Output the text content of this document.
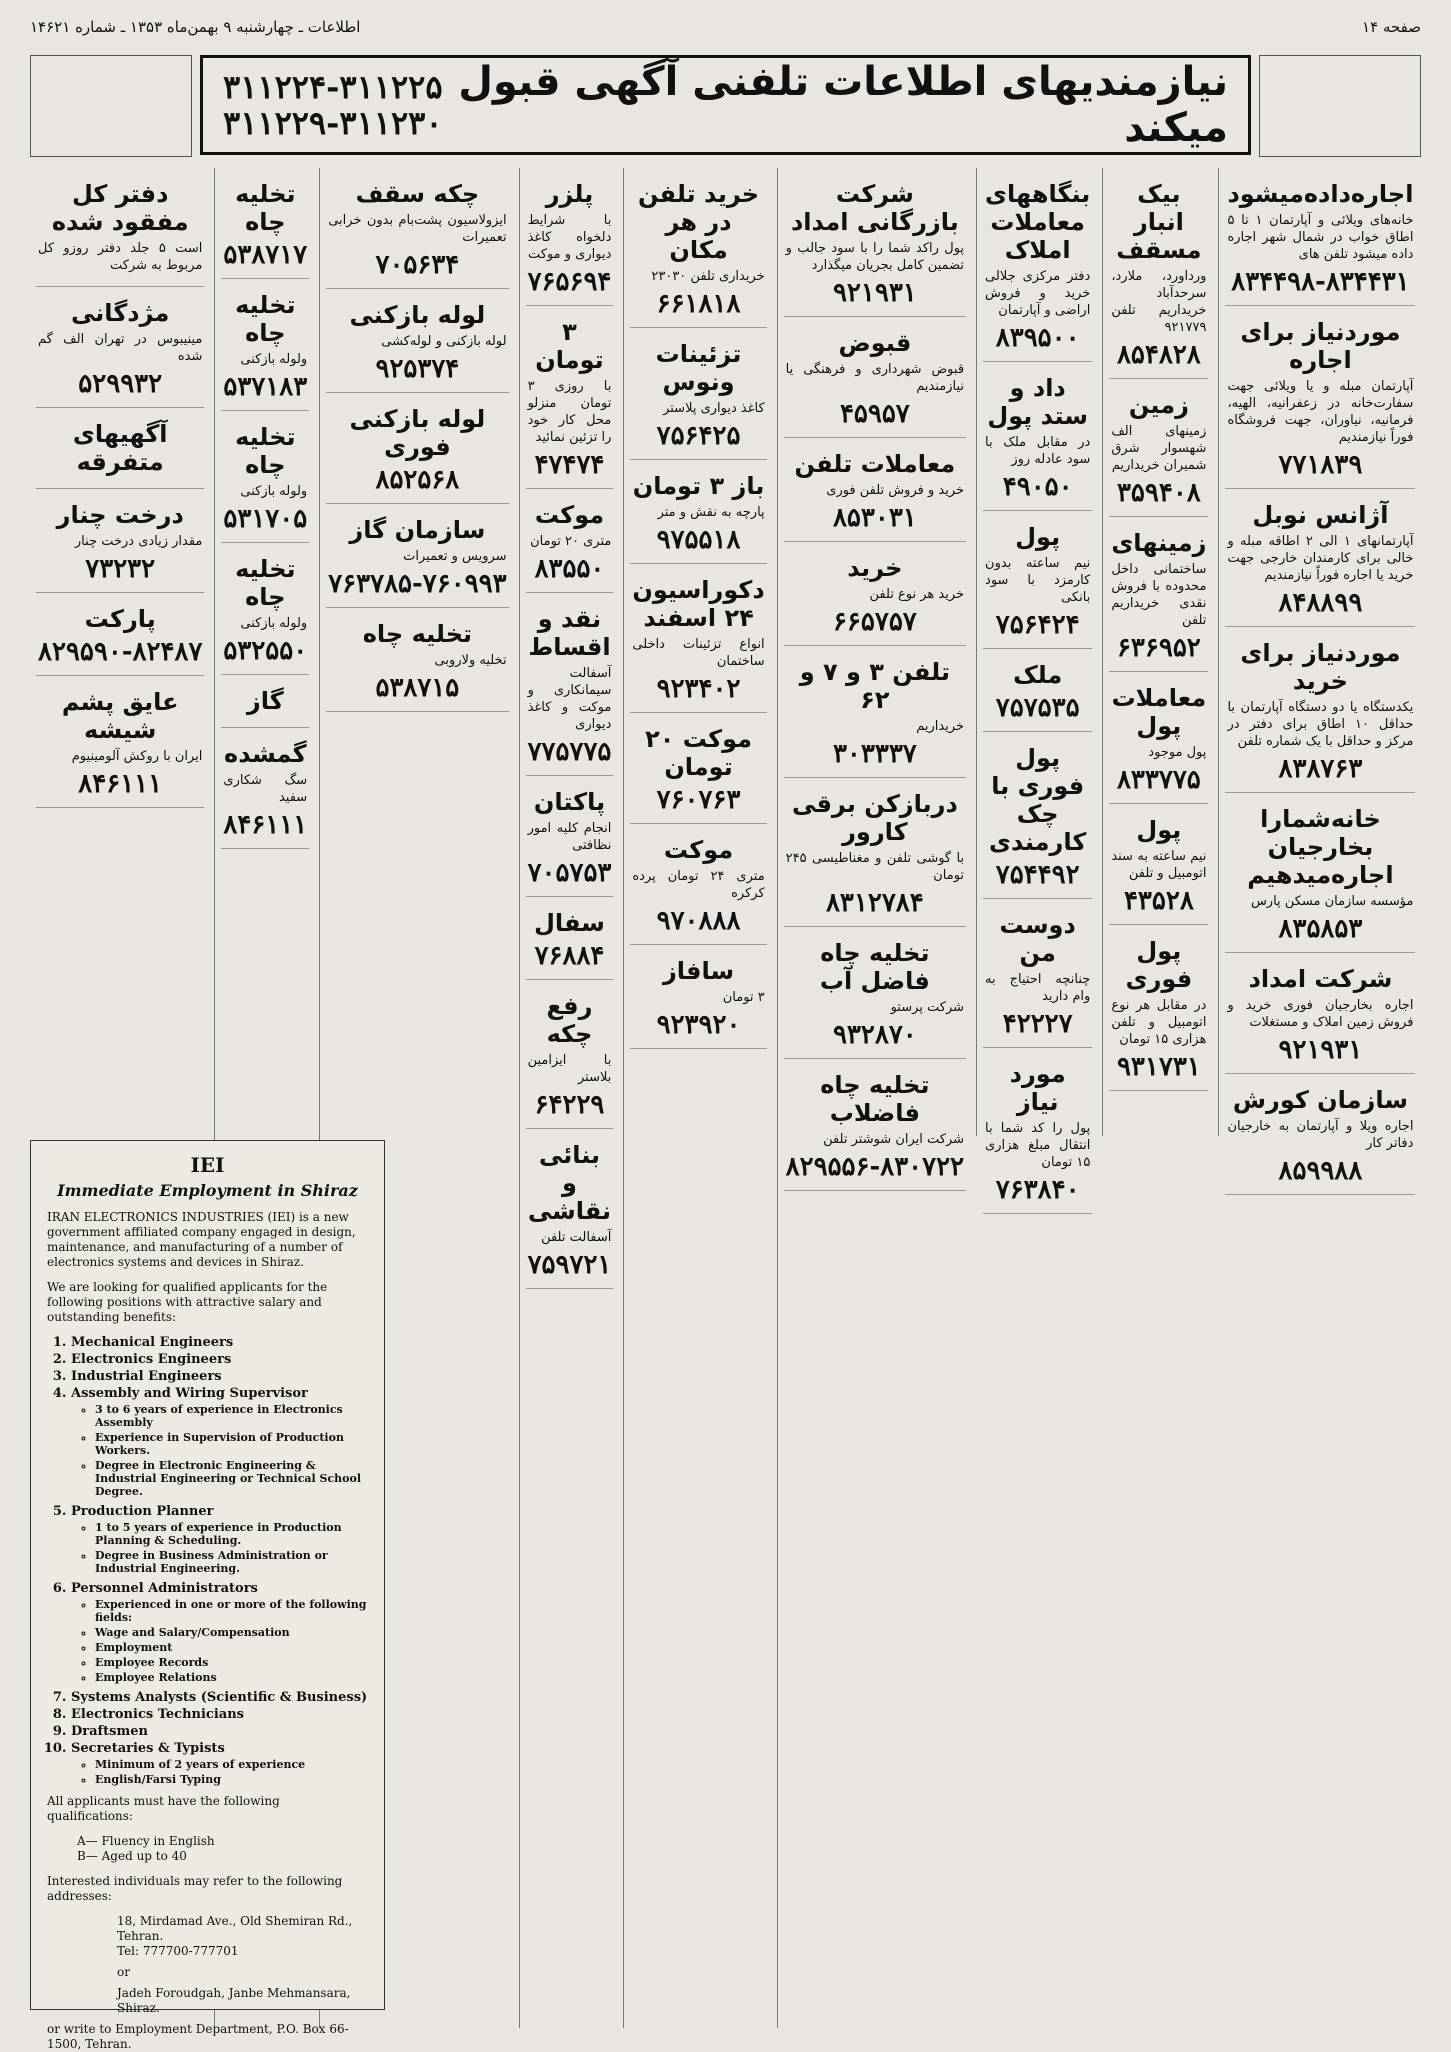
اطلاعات ـ چهارشنبه ۹ بهمن‌ماه ۱۳۵۳ ـ شماره ۱۴۶۲۱	صفحه ۱۴
۳۱۱۲۲۴-۳۱۱۲۲۵
۳۱۱۲۲۹-۳۱۱۲۳۰
نیازمندیهای اطلاعات تلفنی آگهی قبول میکند
دفتر کل مفقود شده

است ۵ جلد دفتر روزو کل مربوط به شرکت

مژدگانی

مینیبوس در تهران الف گم شده

۵۲۹۹۳۲
آگهیهای متفرقه

درخت چنار

مقدار زیادی درخت چنار

۷۳۲۳۲
پارکت

۸۲۹۵۹۰-۸۲۴۸۷
عایق پشم شیشه

ایران با روکش آلومینیوم

۸۴۶۱۱۱
تخلیه چاه

۵۳۸۷۱۷
تخلیه چاه

ولوله بازکنی

۵۳۷۱۸۳
تخلیه چاه

ولوله بازکنی

۵۳۱۷۰۵
تخلیه چاه

ولوله بازکنی

۵۳۲۵۵۰
گاز

گمشده

سگ شکاری سفید

۸۴۶۱۱۱
چکه سقف

ایزولاسیون پشت‌بام بدون خرابی تعمیرات

۷۰۵۶۳۴
لوله بازکنی

لوله بازکنی و لوله‌کشی

۹۲۵۳۷۴
لوله بازکنی فوری

۸۵۲۵۶۸
سازمان گاز

سرویس و تعمیرات

۷۶۳۷۸۵-۷۶۰۹۹۳
تخلیه چاه

تخلیه ولاروبی

۵۳۸۷۱۵
پلزر

با شرایط دلخواه کاغذ دیواری و موکت

۷۶۵۶۹۴
۳ تومان

با روزی ۳ تومان منزلو محل کار خود را تزئین نمائید

۴۷۴۷۴
موکت

متری ۲۰ تومان

۸۳۵۵۰
نقد و اقساط

آسفالت سیمانکاری و موکت و کاغذ دیواری

۷۷۵۷۷۵
پاکتان

انجام کلیه امور نظافتی

۷۰۵۷۵۳
سفال

۷۶۸۸۴
رفع چکه

با ایزامین بلاستر

۶۴۲۲۹
بنائی و نقاشی

آسفالت تلفن

۷۵۹۷۲۱
خرید تلفن در هر مکان

خریداری تلفن ۲۳۰۳۰

۶۶۱۸۱۸
تزئینات ونوس

کاغذ دیواری پلاستر

۷۵۶۴۲۵
باز ۳ تومان

پارچه به نقش و متر

۹۷۵۵۱۸
دکوراسیون ۲۴ اسفند

انواع تزئینات داخلی ساختمان

۹۲۳۴۰۲
موکت ۲۰ تومان

۷۶۰۷۶۳
موکت

متری ۲۴ تومان پرده کرکره

۹۷۰۸۸۸
سافاز

۳ تومان

۹۲۳۹۲۰
شرکت بازرگانی امداد

پول راکد شما را با سود جالب و تضمین کامل بجریان میگذارد

۹۲۱۹۳۱
قبوض

قبوض شهرداری و فرهنگی یا نیازمندیم

۴۵۹۵۷
معاملات تلفن

خرید و فروش تلفن فوری

۸۵۳۰۳۱
خرید

خرید هر نوع تلفن

۶۶۵۷۵۷
تلفن ۳ و ۷ و ۶۲

خریداریم

۳۰۳۳۳۷
دربازکن برقی کارور

با گوشی تلفن و مغناطیسی ۲۴۵ تومان

۸۳۱۲۷۸۴
تخلیه چاه فاضل آب

شرکت پرستو

۹۳۲۸۷۰
تخلیه چاه فاضلاب

شرکت ایران شوشتر تلفن

۸۲۹۵۵۶-۸۳۰۷۲۲
بنگاههای معاملات املاک

دفتر مرکزی جلالی خرید و فروش اراضی و آپارتمان

۸۳۹۵۰۰
داد و ستد پول

در مقابل ملک با سود عادله روز

۴۹۰۵۰
پول

نیم ساعته بدون کارمزد با سود بانکی

۷۵۶۴۲۴
ملک

۷۵۷۵۳۵
پول فوری با چک کارمندی

۷۵۴۴۹۲
دوست من

چنانچه احتیاج به وام دارید

۴۲۲۲۷
مورد نیاز

پول را کد شما با انتقال مبلغ هزاری ۱۵ تومان

۷۶۳۸۴۰
بیک انبار مسقف

ورداورد، ملارد، سرحدآباد خریداریم تلفن ۹۲۱۷۷۹

۸۵۴۸۲۸
زمین

زمینهای الف شهسوار شرق شمیران خریداریم

۳۵۹۴۰۸
زمینهای

ساختمانی داخل محدوده با فروش نقدی خریداریم تلفن

۶۳۶۹۵۲
معاملات پول

پول موجود

۸۳۳۷۷۵
پول

نیم ساعته به سند اتومبیل و تلفن

۴۳۵۲۸
پول فوری

در مقابل هر نوع اتومبیل و تلفن هزاری ۱۵ تومان

۹۳۱۷۳۱
اجاره‌داده‌میشود

خانه‌های ویلائی و آپارتمان ۱ تا ۵ اطاق خواب در شمال شهر اجاره داده میشود تلفن های

۸۳۴۴۹۸-۸۳۴۴۳۱
موردنیاز برای اجاره

آپارتمان مبله و یا ویلائی جهت سفارت‌خانه در زعفرانیه، الهیه، فرمانیه، نیاوران، جهت فروشگاه فوراً نیازمندیم

۷۷۱۸۳۹
آژانس نوبل

آپارتمانهای ۱ الی ۲ اطاقه مبله و خالی برای کارمندان خارجی جهت خرید یا اجاره فوراً نیازمندیم

۸۴۸۸۹۹
موردنیاز برای خرید

یکدستگاه یا دو دستگاه آپارتمان با حداقل ۱۰ اطاق برای دفتر در مرکز و حداقل با یک شماره تلفن

۸۳۸۷۶۳
خانه‌شمارا بخارجیان اجاره‌میدهیم

مؤسسه سازمان مسکن پارس

۸۳۵۸۵۳
شرکت امداد

اجاره بخارجیان فوری خرید و فروش زمین املاک و مستغلات

۹۲۱۹۳۱
سازمان کورش

اجاره ویلا و آپارتمان به خارجیان دفاتر کار

۸۵۹۹۸۸
IEI
Immediate Employment in Shiraz

IRAN ELECTRONICS INDUSTRIES (IEI) is a new government affiliated company engaged in design, maintenance, and manufacturing of a number of electronics systems and devices in Shiraz.

We are looking for qualified applicants for the following positions with attractive salary and outstanding benefits:

1. Mechanical Engineers
2. Electronics Engineers
3. Industrial Engineers
4. Assembly and Wiring Supervisor
◦ 3 to 6 years of experience in Electronics Assembly
◦ Experience in Supervision of Production Workers.
◦ Degree in Electronic Engineering & Industrial Engineering or Technical School Degree.
5. Production Planner
◦ 1 to 5 years of experience in Production Planning & Scheduling.
◦ Degree in Business Administration or Industrial Engineering.
6. Personnel Administrators
◦ Experienced in one or more of the following fields:
◦ Wage and Salary/Compensation
◦ Employment
◦ Employee Records
◦ Employee Relations
7. Systems Analysts (Scientific & Business)
8. Electronics Technicians
9. Draftsmen
10. Secretaries & Typists
◦ Minimum of 2 years of experience
◦ English/Farsi Typing

All applicants must have the following qualifications:

A— Fluency in English

B— Aged up to 40

Interested individuals may refer to the following addresses:

18, Mirdamad Ave., Old Shemiran Rd., Tehran.
Tel: 777700-777701
or
Jadeh Foroudgah, Janbe Mehmansara, Shiraz.

or write to Employment Department, P.O. Box 66-1500, Tehran.
